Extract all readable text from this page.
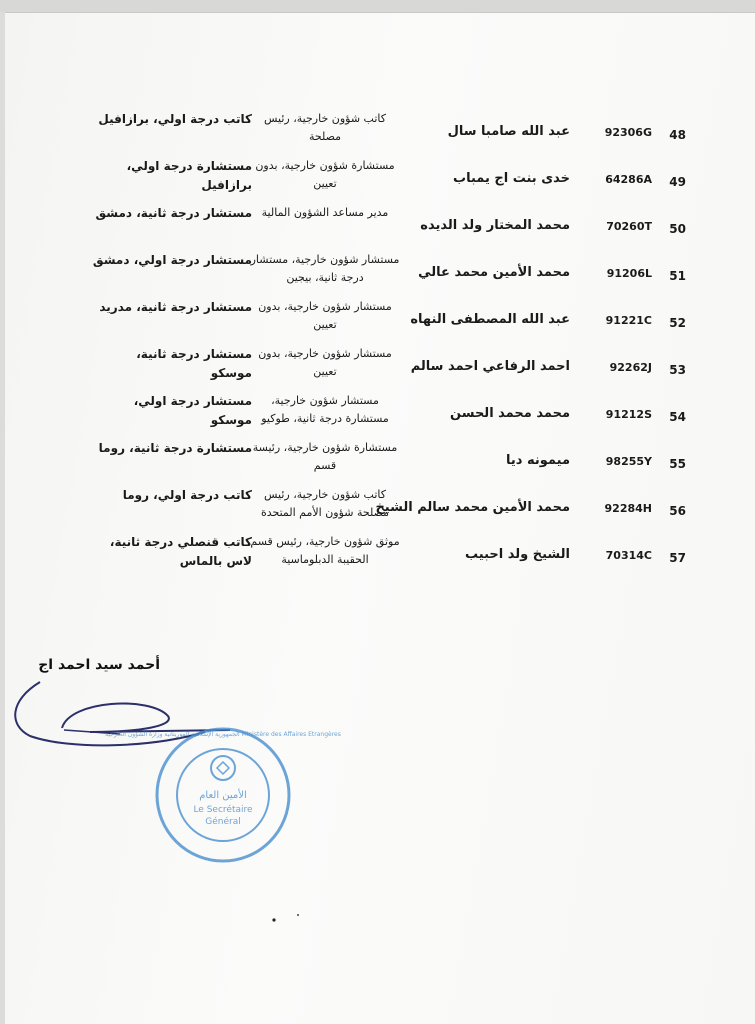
48
92306G
عبد الله صامبا سال
كاتب شؤون خارجية، رئيس مصلحة
كاتب درجة اولي، برازافيل
49
64286A
خدى بنت اج يمباب
مستشارة شؤون خارجية، بدون تعيين
مستشارة درجة اولي، برازافيل
50
70260T
محمد المختار ولد الديده
مدير مساعد الشؤون المالية
مستشار درجة ثانية، دمشق
51
91206L
محمد الأمين محمد عالي
مستشار شؤون خارجية، مستشار درجة ثانية، بيجين
مستشار درجة اولي، دمشق
52
91221C
عبد الله المصطفى النهاه
مستشار شؤون خارجية، بدون تعيين
مستشار درجة ثانية، مدريد
53
92262J
احمد الرفاعي احمد سالم
مستشار شؤون خارجية، بدون تعيين
مستشار درجة ثانية، موسكو
54
91212S
محمد محمد الحسن
مستشار شؤون خارجية، مستشارة درجة ثانية، طوكيو
مستشار درجة اولي، موسكو
55
98255Y
ميمونه ديا
مستشارة شؤون خارجية، رئيسة قسم
مستشارة درجة ثانية، روما
56
92284H
محمد الأمين محمد سالم الشيخ
كاتب شؤون خارجية، رئيس مصلحة شؤون الأمم المتحدة
كاتب درجة اولي، روما
57
70314C
الشيخ ولد احبيب
موثق شؤون خارجية، رئيس قسم الحقيبة الدبلوماسية
كاتب قنصلي درجة ثانية، لاس بالماس
أحمد سيد احمد اج
الجمهورية الإسلامية الموريتانية وزارة الشؤون الخارجية Ministère des Affaires Etrangères
الأمين العام
Le Secrétaire
Général
